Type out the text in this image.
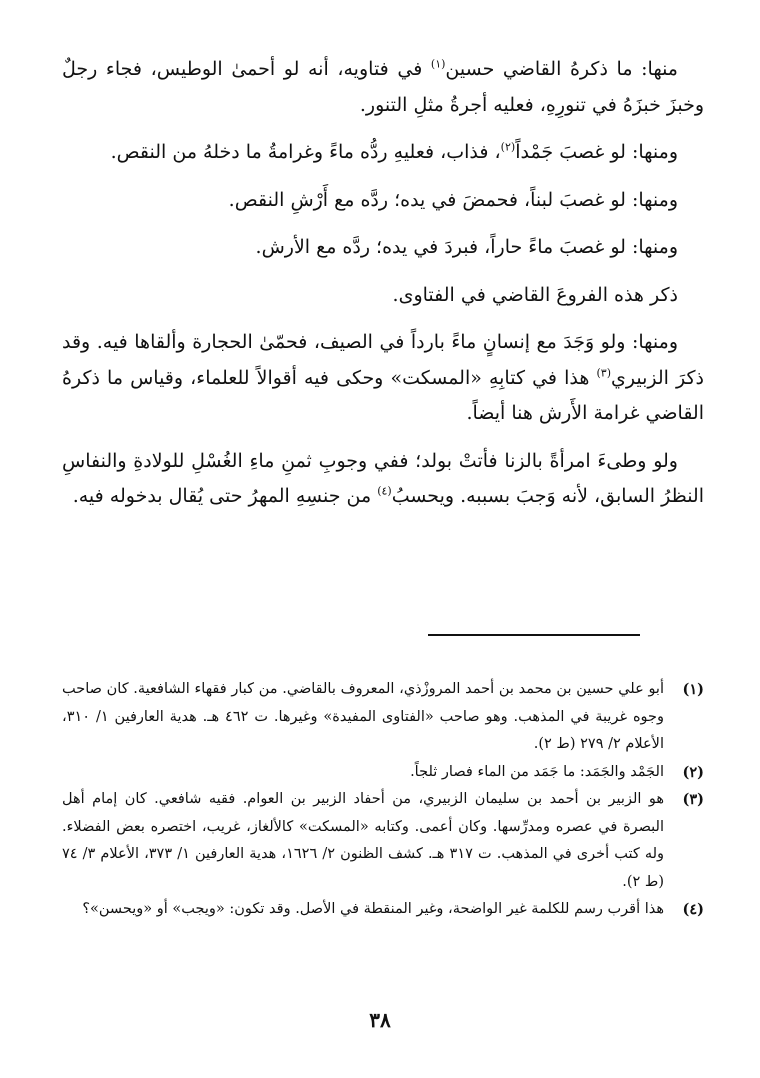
منها: ما ذكرهُ القاضي حسين$^{(١)}$ في فتاويه، أنه لو أحمىٰ الوطيس، فجاء رجلٌ وخبزَ خبزَهُ في تنورِهِ، فعليه أجرةُ مثلِ التنور.

ومنها: لو غصبَ جَمْداً$^{(٢)}$، فذاب، فعليهِ ردُّه ماءً وغرامةُ ما دخلهُ من النقص.

ومنها: لو غصبَ لبناً، فحمضَ في يده؛ ردَّه مع أَرْشِ النقص.

ومنها: لو غصبَ ماءً حاراً، فبردَ في يده؛ ردَّه مع الأرش.

ذكر هذه الفروعَ القاضي في الفتاوى.

ومنها: ولو وَجَدَ مع إنسانٍ ماءً بارداً في الصيف، فحمّىٰ الحجارة وألقاها فيه. وقد ذكرَ الزبيري$^{(٣)}$ هذا في كتابِهِ «المسكت» وحكى فيه أقوالاً للعلماء، وقياس ما ذكرهُ القاضي غرامة الأَرش هنا أيضاً.

ولو وطىءَ امرأةً بالزنا فأتتْ بولد؛ ففي وجوبِ ثمنِ ماءِ الغُسْلِ للولادةِ والنفاسِ النظرُ السابق، لأنه وَجبَ بسببه. ويحسبُ$^{(٤)}$ من جنسِهِ المهرُ حتى يُقال بدخوله فيه.

(١)
أبو علي حسين بن محمد بن أحمد المروزْذي، المعروف بالقاضي. من كبار فقهاء الشافعية. كان صاحب وجوه غريبة في المذهب. وهو صاحب «الفتاوى المفيدة» وغيرها. ت ٤٦٢ هـ. هدية العارفين ١/ ٣١٠، الأعلام ٢/ ٢٧٩ (ط ٢).
(٢)
الجَمْد والجَمَد: ما جَمَد من الماء فصار ثلجاً.
(٣)
هو الزبير بن أحمد بن سليمان الزبيري، من أحفاد الزبير بن العوام. فقيه شافعي. كان إمام أهل البصرة في عصره ومدرِّسها. وكان أعمى. وكتابه «المسكت» كالألغاز، غريب، اختصره بعض الفضلاء. وله كتب أخرى في المذهب. ت ٣١٧ هـ. كشف الظنون ٢/ ١٦٢٦، هدية العارفين ١/ ٣٧٣، الأعلام ٣/ ٧٤ (ط ٢).
(٤)
هذا أقرب رسم للكلمة غير الواضحة، وغير المنقطة في الأصل. وقد تكون: «ويجب» أو «ويحسن»؟
٣٨
